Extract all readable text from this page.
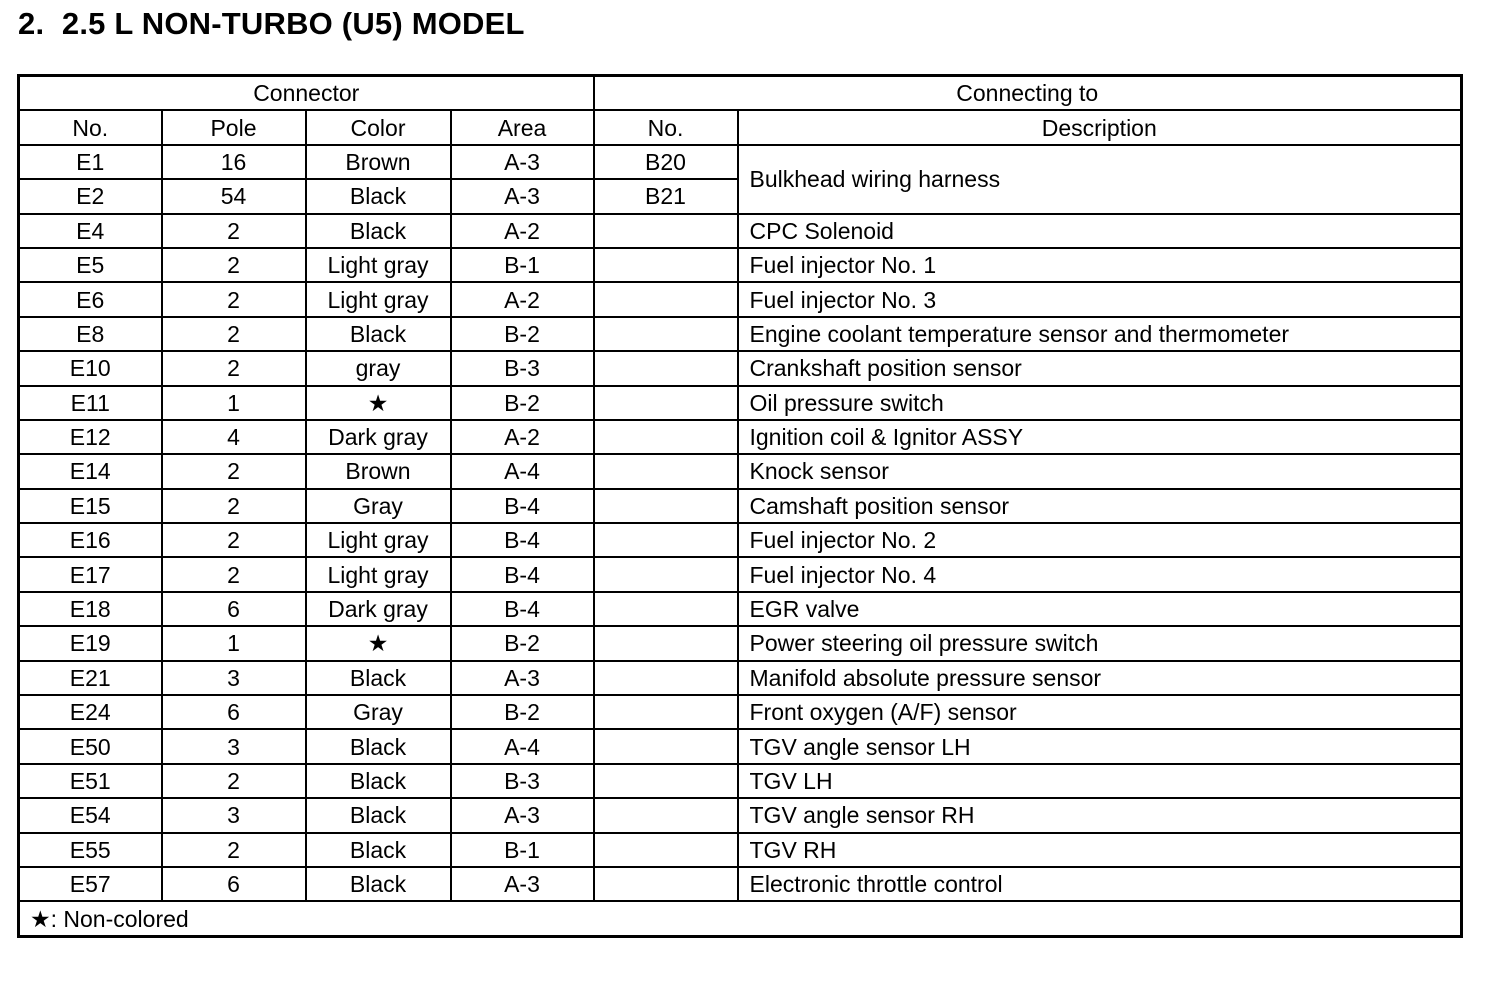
2.  2.5 L NON-TURBO (U5) MODEL
Connector				Connecting to	
No.	Pole	Color	Area	No.	Description
E1	16	Brown	A-3	B20	Bulkhead wiring harness
E2	54	Black	A-3	B21	
E4	2	Black	A-2		CPC Solenoid
E5	2	Light gray	B-1		Fuel injector No. 1
E6	2	Light gray	A-2		Fuel injector No. 3
E8	2	Black	B-2		Engine coolant temperature sensor and thermometer
E10	2	gray	B-3		Crankshaft position sensor
E11	1	★	B-2		Oil pressure switch
E12	4	Dark gray	A-2		Ignition coil & Ignitor ASSY
E14	2	Brown	A-4		Knock sensor
E15	2	Gray	B-4		Camshaft position sensor
E16	2	Light gray	B-4		Fuel injector No. 2
E17	2	Light gray	B-4		Fuel injector No. 4
E18	6	Dark gray	B-4		EGR valve
E19	1	★	B-2		Power steering oil pressure switch
E21	3	Black	A-3		Manifold absolute pressure sensor
E24	6	Gray	B-2		Front oxygen (A/F) sensor
E50	3	Black	A-4		TGV angle sensor LH
E51	2	Black	B-3		TGV LH
E54	3	Black	A-3		TGV angle sensor RH
E55	2	Black	B-1		TGV RH
E57	6	Black	A-3		Electronic throttle control
★: Non-colored					
